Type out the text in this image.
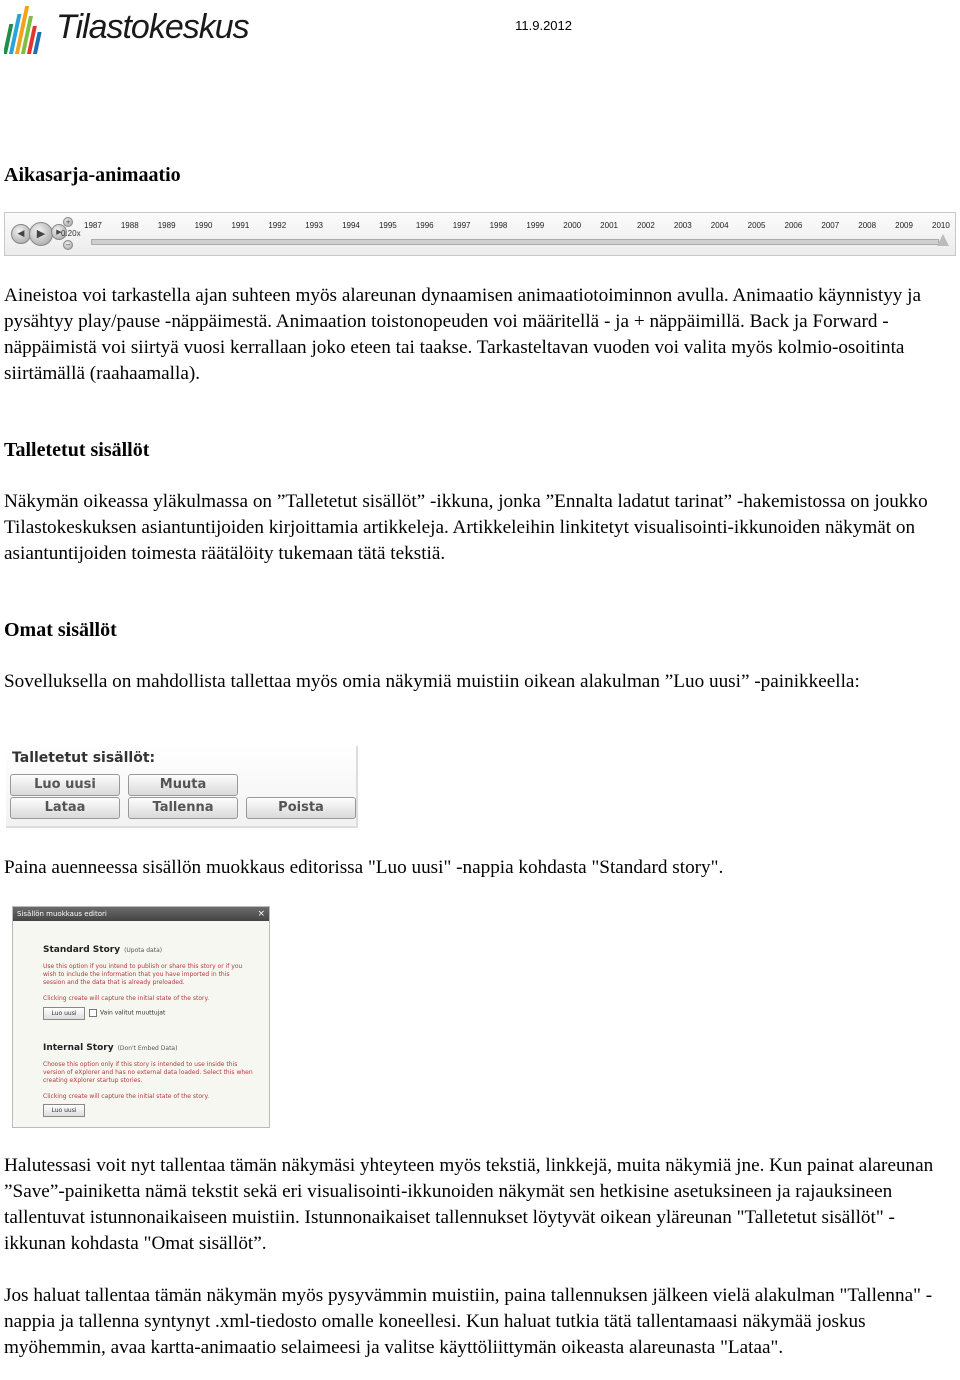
Tilastokeskus	11.9.2012
Aikasarja-animaatio
◀	▶	▶
+
0.20x
−
1987 1988 1989 1990 1991 1992 1993 1994 1995 1996 1997 1998 1999 2000 2001 2002 2003 2004 2005 2006 2007 2008 2009 2010

Aineistoa voi tarkastella ajan suhteen myös alareunan dynaamisen animaatiotoiminnon avulla. Animaatio käynnistyy ja pysähtyy play/pause -näppäimestä. Animaation toistonopeuden voi määritellä - ja + näppäimillä. Back ja Forward -näppäimistä voi siirtyä vuosi kerrallaan joko eteen tai taakse. Tarkasteltavan vuoden voi valita myös kolmio-osoitinta siirtämällä (raahaamalla).

Talletetut sisällöt

Näkymän oikeassa yläkulmassa on ”Talletetut sisällöt” -ikkuna, jonka ”Ennalta ladatut tarinat” -hakemistossa on joukko Tilastokeskuksen asiantuntijoiden kirjoittamia artikkeleja. Artikkeleihin linkitetyt visualisointi-ikkunoiden näkymät on asiantuntijoiden toimesta räätälöity tukemaan tätä tekstiä.

Omat sisällöt

Sovelluksella on mahdollista tallettaa myös omia näkymiä muistiin oikean alakulman ”Luo uusi” -painikkeella:

Talletetut sisällöt:
Luo uusi	Muuta
Lataa	Tallenna	Poista

Paina auenneessa sisällön muokkaus editorissa "Luo uusi" -nappia kohdasta "Standard story".

Sisällön muokkaus editori	×
Standard Story (Upota data)
Use this option if you intend to publish or share this story or if you wish to include the information that you have imported in this session and the data that is already preloaded.
Clicking create will capture the initial state of the story.
Luo uusi	Vain valitut muuttujat
Internal Story (Don't Embed Data)
Choose this option only if this story is intended to use inside this version of eXplorer and has no external data loaded. Select this when creating eXplorer startup stories.
Clicking create will capture the initial state of the story.
Luo uusi

Halutessasi voit nyt tallentaa tämän näkymäsi yhteyteen myös tekstiä, linkkejä, muita näkymiä jne. Kun painat alareunan ”Save”-painiketta nämä tekstit sekä eri visualisointi-ikkunoiden näkymät sen hetkisine asetuksineen ja rajauksineen tallentuvat istunnonaikaiseen muistiin. Istunnonaikaiset tallennukset löytyvät oikean yläreunan "Talletetut sisällöt" -ikkunan kohdasta "Omat sisällöt”.

Jos haluat tallentaa tämän näkymän myös pysyvämmin muistiin, paina tallennuksen jälkeen vielä alakulman "Tallenna" -nappia ja tallenna syntynyt .xml-tiedosto omalle koneellesi. Kun haluat tutkia tätä tallentamaasi näkymää joskus myöhemmin, avaa kartta-animaatio selaimeesi ja valitse käyttöliittymän oikeasta alareunasta "Lataa".
